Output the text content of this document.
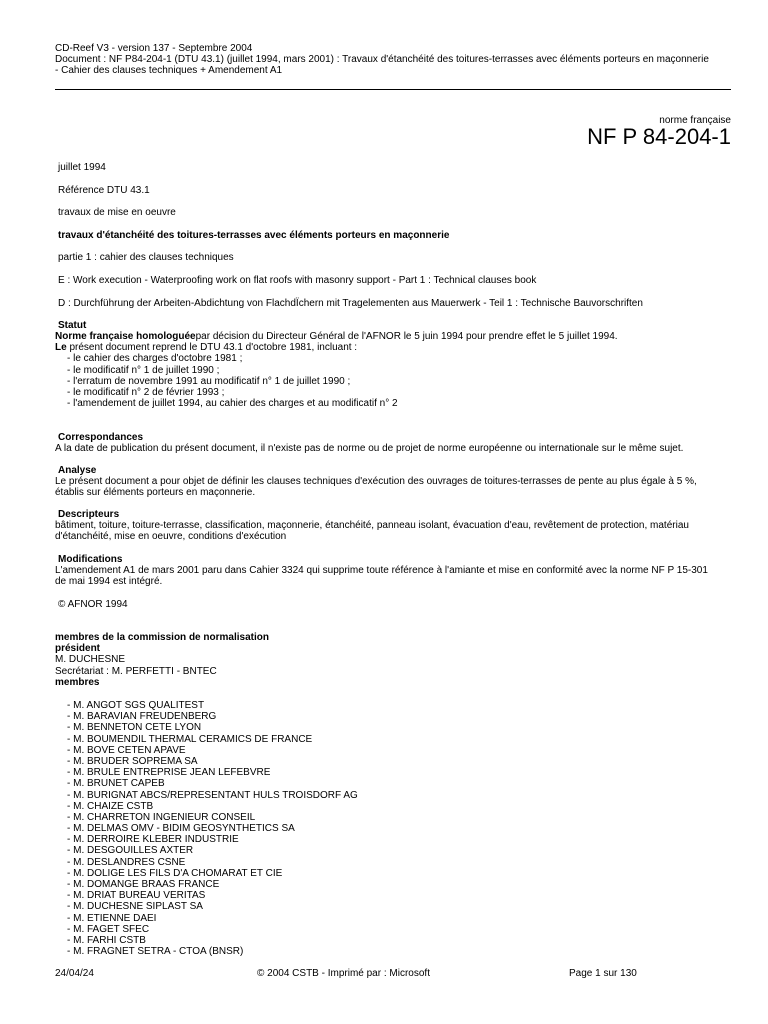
CD-Reef V3 - version 137 - Septembre 2004
Document : NF P84-204-1 (DTU 43.1) (juillet 1994, mars 2001) : Travaux d'étanchéité des toitures-terrasses avec éléments porteurs en maçonnerie
- Cahier des clauses techniques + Amendement A1
norme française
NF P 84-204-1
juillet 1994
Référence DTU 43.1
travaux de mise en oeuvre
travaux d'étanchéité des toitures-terrasses avec éléments porteurs en maçonnerie
partie 1 : cahier des clauses techniques
E : Work execution - Waterproofing work on flat roofs with masonry support - Part 1 : Technical clauses book
D : Durchführung der Arbeiten-Abdichtung von FlachdÏchern mit Tragelementen aus Mauerwerk - Teil 1 : Technische Bauvorschriften
Statut
Norme française homologuéepar décision du Directeur Général de l'AFNOR le 5 juin 1994 pour prendre effet le 5 juillet 1994.
Le présent document reprend le DTU 43.1 d'octobre 1981, incluant :
- le cahier des charges d'octobre 1981 ;
- le modificatif n° 1 de juillet 1990 ;
- l'erratum de novembre 1991 au modificatif n° 1 de juillet 1990 ;
- le modificatif n° 2 de février 1993 ;
- l'amendement de juillet 1994, au cahier des charges et au modificatif n° 2
Correspondances
A la date de publication du présent document, il n'existe pas de norme ou de projet de norme européenne ou internationale sur le même sujet.
Analyse
Le présent document a pour objet de définir les clauses techniques d'exécution des ouvrages de toitures-terrasses de pente au plus égale à 5 %,
établis sur éléments porteurs en maçonnerie.
Descripteurs
bâtiment, toiture, toiture-terrasse, classification, maçonnerie, étanchéité, panneau isolant, évacuation d'eau, revêtement de protection, matériau
d'étanchéité, mise en oeuvre, conditions d'exécution
Modifications
L'amendement A1 de mars 2001 paru dans Cahier 3324 qui supprime toute référence à l'amiante et mise en conformité avec la norme NF P 15-301
de mai 1994 est intégré.
© AFNOR 1994
membres de la commission de normalisation
président
M. DUCHESNE
Secrétariat : M. PERFETTI - BNTEC
membres
- M. ANGOT SGS QUALITEST
- M. BARAVIAN FREUDENBERG
- M. BENNETON CETE LYON
- M. BOUMENDIL THERMAL CERAMICS DE FRANCE
- M. BOVE CETEN APAVE
- M. BRUDER SOPREMA SA
- M. BRULE ENTREPRISE JEAN LEFEBVRE
- M. BRUNET CAPEB
- M. BURIGNAT ABCS/REPRESENTANT HULS TROISDORF AG
- M. CHAIZE CSTB
- M. CHARRETON INGENIEUR CONSEIL
- M. DELMAS OMV - BIDIM GEOSYNTHETICS SA
- M. DERROIRE KLEBER INDUSTRIE
- M. DESGOUILLES AXTER
- M. DESLANDRES CSNE
- M. DOLIGE LES FILS D'A CHOMARAT ET CIE
- M. DOMANGE BRAAS FRANCE
- M. DRIAT BUREAU VERITAS
- M. DUCHESNE SIPLAST SA
- M. ETIENNE DAEI
- M. FAGET SFEC
- M. FARHI CSTB
- M. FRAGNET SETRA - CTOA (BNSR)
24/04/24	© 2004 CSTB - Imprimé par : Microsoft	Page 1 sur 130
